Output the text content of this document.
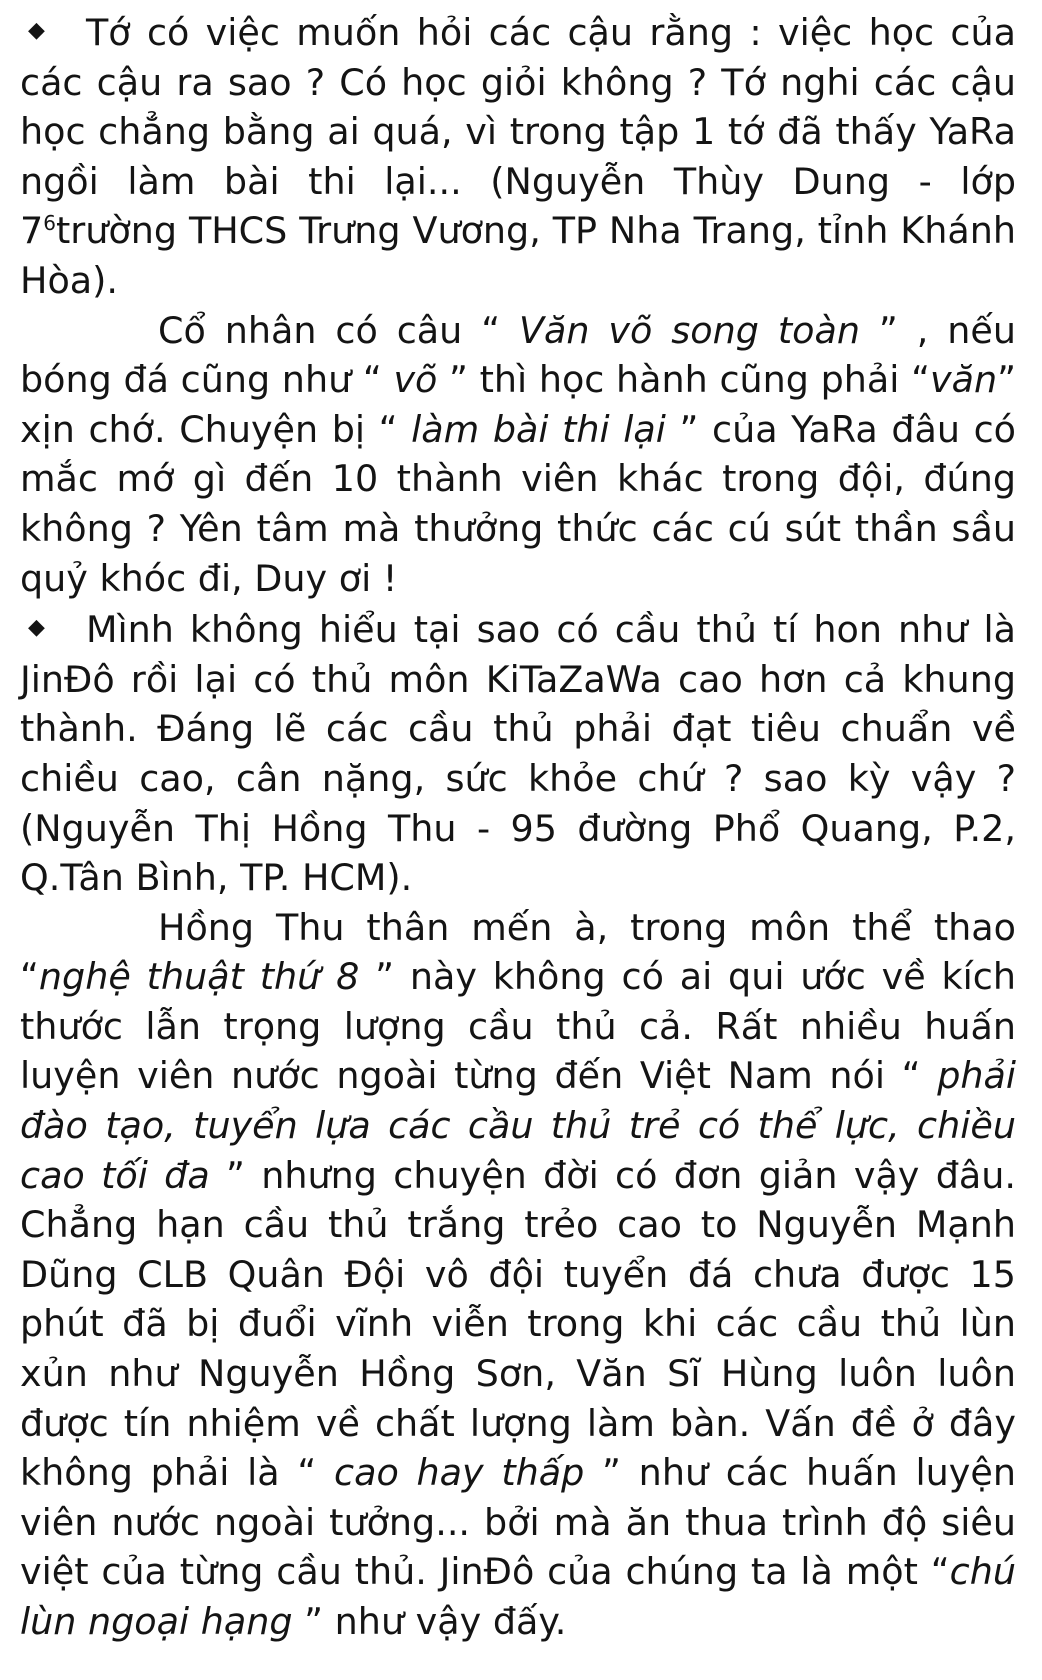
◆ Tớ có việc muốn hỏi các cậu rằng : việc học của các cậu ra sao ? Có học giỏi không ? Tớ nghi các cậu học chẳng bằng ai quá, vì trong tập 1 tớ đã thấy YaRa ngồi làm bài thi lại... (Nguyễn Thùy Dung - lớp $7^6trường$ THCS Trưng Vương, TP Nha Trang, tỉnh Khánh Hòa).
Cổ nhân có câu “ Văn võ song toàn ” , nếu bóng đá cũng như “ võ ” thì học hành cũng phải “văn” xịn chớ. Chuyện bị “ làm bài thi lại ” của YaRa đâu có mắc mớ gì đến 10 thành viên khác trong đội, đúng không ? Yên tâm mà thưởng thức các cú sút thần sầu quỷ khóc đi, Duy ơi !
◆ Mình không hiểu tại sao có cầu thủ tí hon như là JinĐô rồi lại có thủ môn KiTaZaWa cao hơn cả khung thành. Đáng lẽ các cầu thủ phải đạt tiêu chuẩn về chiều cao, cân nặng, sức khỏe chứ ? sao kỳ vậy ? (Nguyễn Thị Hồng Thu - 95 đường Phổ Quang, P.2, Q.Tân Bình, TP. HCM).
Hồng Thu thân mến à, trong môn thể thao “nghệ thuật thứ 8 ” này không có ai qui ước về kích thước lẫn trọng lượng cầu thủ cả. Rất nhiều huấn luyện viên nước ngoài từng đến Việt Nam nói “ phải đào tạo, tuyển lựa các cầu thủ trẻ có thể lực, chiều cao tối đa ” nhưng chuyện đời có đơn giản vậy đâu. Chẳng hạn cầu thủ trắng trẻo cao to Nguyễn Mạnh Dũng CLB Quân Đội vô đội tuyển đá chưa được 15 phút đã bị đuổi vĩnh viễn trong khi các cầu thủ lùn xủn như Nguyễn Hồng Sơn, Văn Sĩ Hùng luôn luôn được tín nhiệm về chất lượng làm bàn. Vấn đề ở đây không phải là “ cao hay thấp ” như các huấn luyện viên nước ngoài tưởng... bởi mà ăn thua trình độ siêu việt của từng cầu thủ. JinĐô của chúng ta là một “chú lùn ngoại hạng ” như vậy đấy.
